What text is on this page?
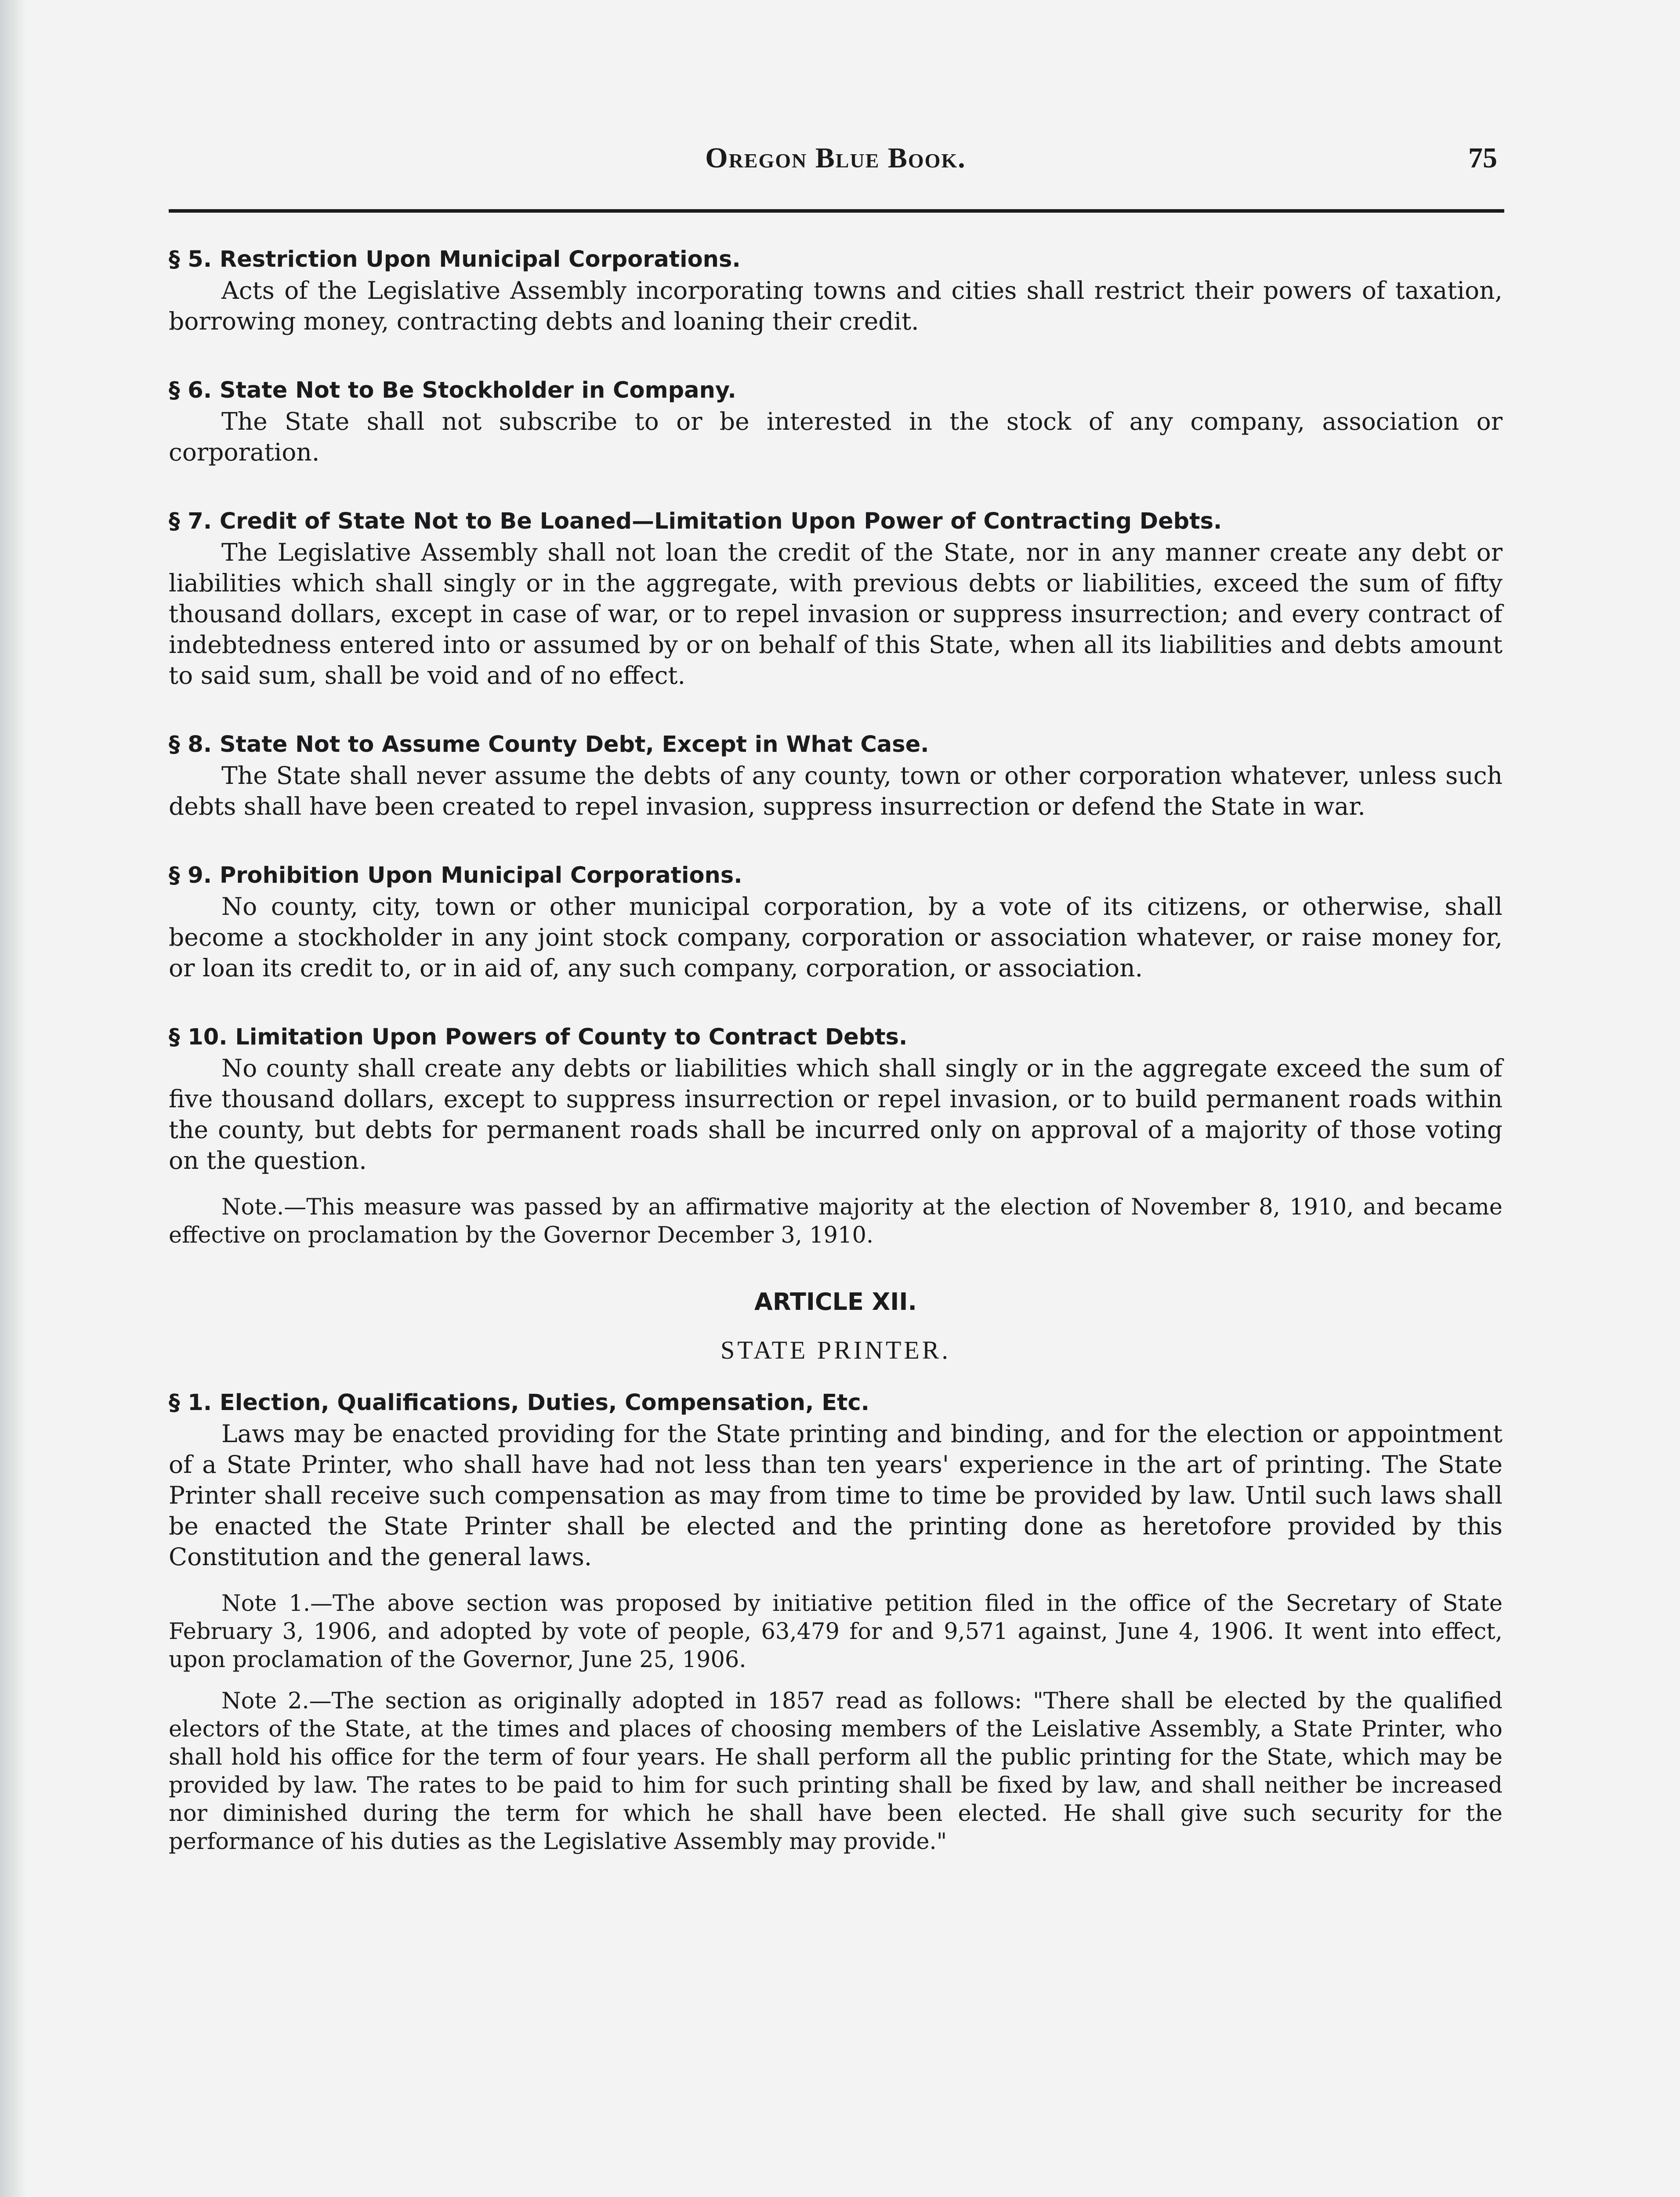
Oregon Blue Book.	75

§ 5. Restriction Upon Municipal Corporations.

Acts of the Legislative Assembly incorporating towns and cities shall restrict their powers of taxation, borrowing money, contracting debts and loaning their credit.

§ 6. State Not to Be Stockholder in Company.

The State shall not subscribe to or be interested in the stock of any company, association or corporation.

§ 7. Credit of State Not to Be Loaned—Limitation Upon Power of Contracting Debts.

The Legislative Assembly shall not loan the credit of the State, nor in any manner create any debt or liabilities which shall singly or in the aggregate, with previous debts or liabilities, exceed the sum of fifty thousand dollars, except in case of war, or to repel invasion or suppress insurrection; and every contract of indebtedness entered into or assumed by or on behalf of this State, when all its liabilities and debts amount to said sum, shall be void and of no effect.

§ 8. State Not to Assume County Debt, Except in What Case.

The State shall never assume the debts of any county, town or other corporation whatever, unless such debts shall have been created to repel invasion, suppress insurrection or defend the State in war.

§ 9. Prohibition Upon Municipal Corporations.

No county, city, town or other municipal corporation, by a vote of its citizens, or otherwise, shall become a stockholder in any joint stock company, corporation or association whatever, or raise money for, or loan its credit to, or in aid of, any such company, corporation, or association.

§ 10. Limitation Upon Powers of County to Contract Debts.

No county shall create any debts or liabilities which shall singly or in the aggregate exceed the sum of five thousand dollars, except to suppress insurrection or repel invasion, or to build permanent roads within the county, but debts for permanent roads shall be incurred only on approval of a majority of those voting on the question.

Note.—This measure was passed by an affirmative majority at the election of November 8, 1910, and became effective on proclamation by the Governor December 3, 1910.

ARTICLE XII.

STATE PRINTER.

§ 1. Election, Qualifications, Duties, Compensation, Etc.

Laws may be enacted providing for the State printing and binding, and for the election or appointment of a State Printer, who shall have had not less than ten years' experience in the art of printing. The State Printer shall receive such compensation as may from time to time be provided by law. Until such laws shall be enacted the State Printer shall be elected and the printing done as heretofore provided by this Constitution and the general laws.

Note 1.—The above section was proposed by initiative petition filed in the office of the Secretary of State February 3, 1906, and adopted by vote of people, 63,479 for and 9,571 against, June 4, 1906. It went into effect, upon proclamation of the Governor, June 25, 1906.

Note 2.—The section as originally adopted in 1857 read as follows: "There shall be elected by the qualified electors of the State, at the times and places of choosing members of the Leislative Assembly, a State Printer, who shall hold his office for the term of four years. He shall perform all the public printing for the State, which may be provided by law. The rates to be paid to him for such printing shall be fixed by law, and shall neither be increased nor diminished during the term for which he shall have been elected. He shall give such security for the performance of his duties as the Legislative Assembly may provide."
